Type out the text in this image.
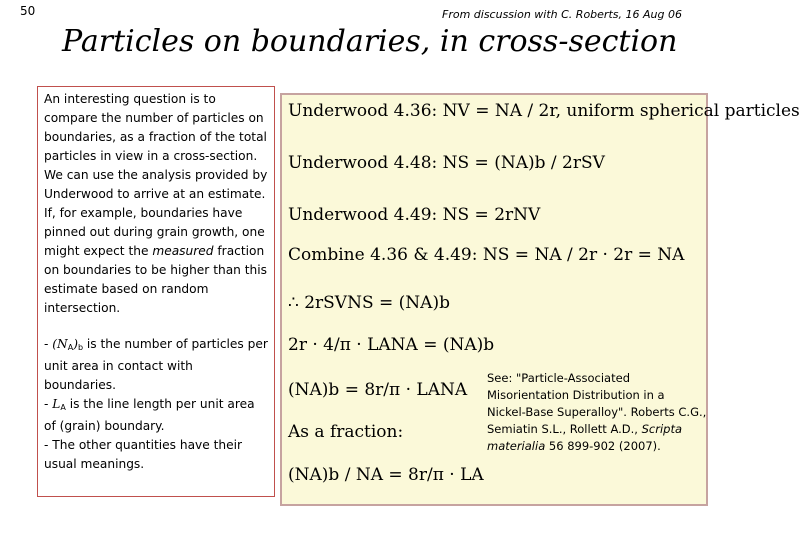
50	From discussion with C. Roberts, 16 Aug 06
Particles on boundaries, in cross-section

An interesting question is to compare the number of particles on boundaries, as a fraction of the total particles in view in a cross-section. We can use the analysis provided by Underwood to arrive at an estimate. If, for example, boundaries have pinned out during grain growth, one might expect the measured fraction on boundaries to be higher than this estimate based on random intersection.

- $(N_A)_b$ is the number of particles per unit area in contact with boundaries.
- $L_A$ is the line length per unit area of (grain) boundary.
- The other quantities have their usual meanings.

Underwood 4.36: NV = NA / 2r, uniform spherical particles
Underwood 4.48: NS = (NA)b / 2rSV
Underwood 4.49: NS = 2rNV
Combine 4.36 & 4.49: NS = NA / 2r · 2r = NA
∴ 2rSVNS = (NA)b
2r · 4/π · LANA = (NA)b
(NA)b = 8r/π · LANA
As a fraction:
(NA)b / NA = 8r/π · LA
See: "Particle-Associated Misorientation Distribution in a Nickel-Base Superalloy". Roberts C.G., Semiatin S.L., Rollett A.D., Scripta materialia 56 899-902 (2007).
